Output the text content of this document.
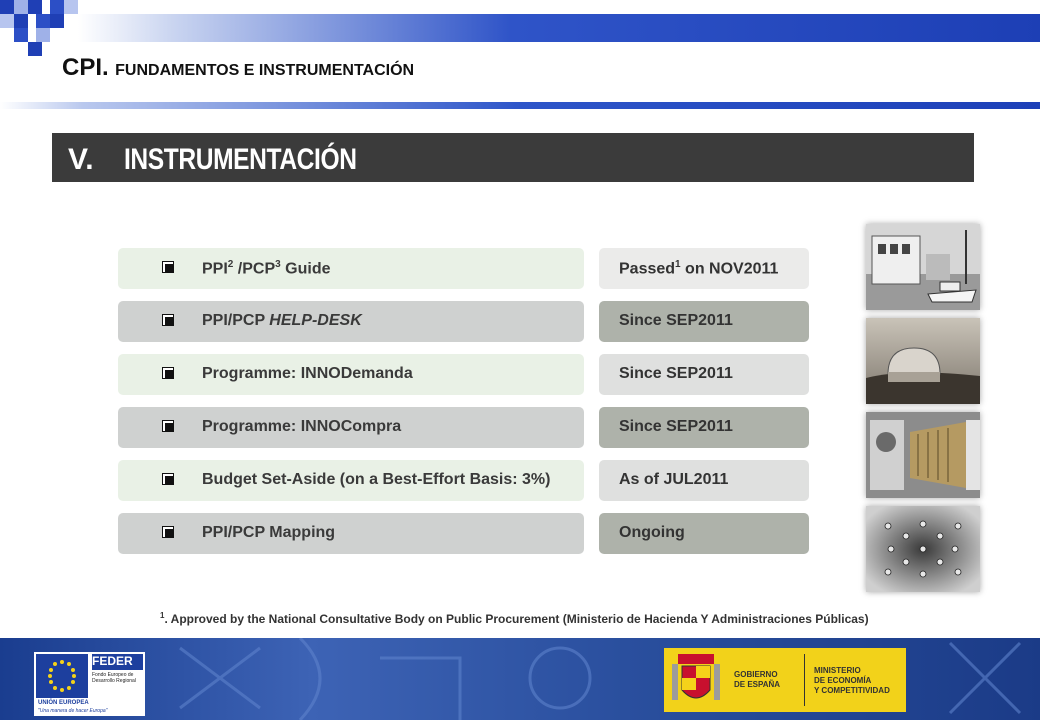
CPI. FUNDAMENTOS E INSTRUMENTACIÓN
V. INSTRUMENTACIÓN
PPI$^2$ /PCP$^3$ Guide	Passed$^1$ on NOV2011
PPI/PCP HELP-DESK	Since SEP2011
Programme: INNODemanda	Since SEP2011
Programme: INNOCompra	Since SEP2011
Budget Set-Aside (on a Best-Effort Basis: 3%)	As of JUL2011
PPI/PCP Mapping	Ongoing
$^1$. Approved by the National Consultative Body on Public Procurement (Ministerio de Hacienda Y Administraciones Públicas)
FEDER
Fondo Europeo de
Desarrollo Regional
UNIÓN EUROPEA
"Una manera de hacer Europa"
GOBIERNO
DE ESPAÑA
MINISTERIO
DE ECONOMÍA
Y COMPETITIVIDAD
